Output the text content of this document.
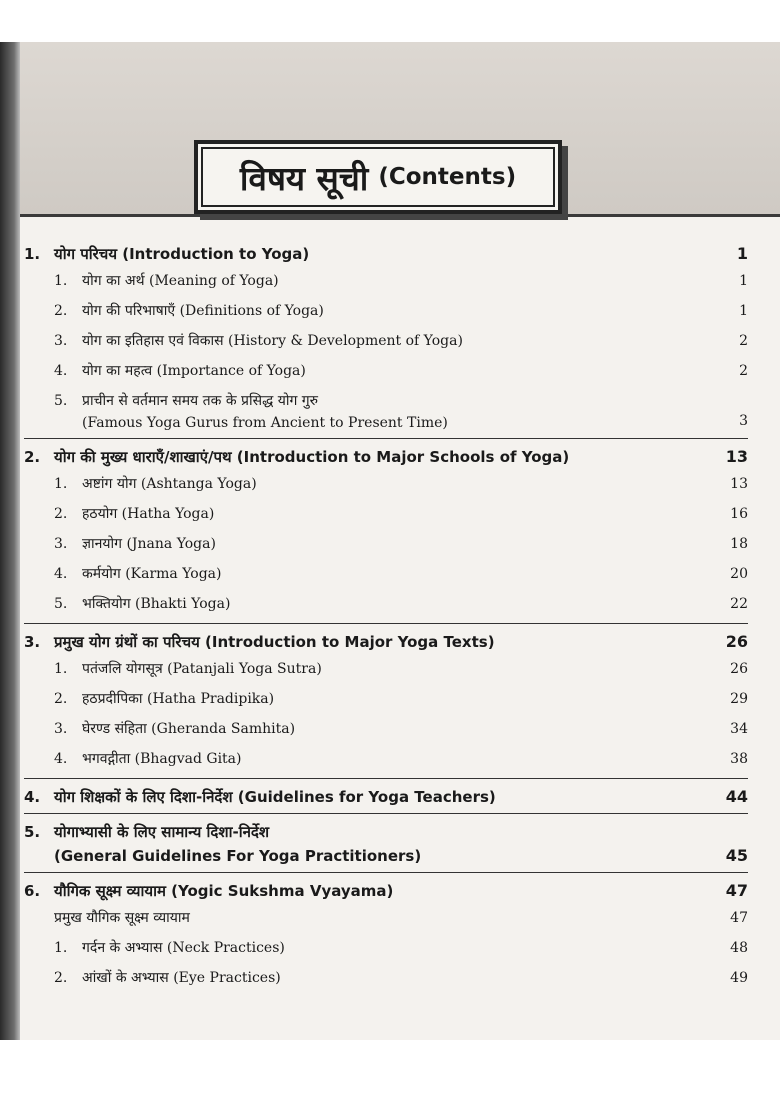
विषय सूची (Contents)
1. योग परिचय (Introduction to Yoga)	1
1.	योग का अर्थ (Meaning of Yoga)	1
2.	योग की परिभाषाएँ (Definitions of Yoga)	1
3.	योग का इतिहास एवं विकास (History & Development of Yoga)	2
4.	योग का महत्व (Importance of Yoga)	2
5.	प्राचीन से वर्तमान समय तक के प्रसिद्ध योग गुरु
(Famous Yoga Gurus from Ancient to Present Time)	3
2. योग की मुख्य धाराएँ/शाखाएं/पथ (Introduction to Major Schools of Yoga)	13
1.	अष्टांग योग (Ashtanga Yoga)	13
2.	हठयोग (Hatha Yoga)	16
3.	ज्ञानयोग (Jnana Yoga)	18
4.	कर्मयोग (Karma Yoga)	20
5.	भक्तियोग (Bhakti Yoga)	22
3. प्रमुख योग ग्रंथों का परिचय (Introduction to Major Yoga Texts)	26
1.	पतंजलि योगसूत्र (Patanjali Yoga Sutra)	26
2.	हठप्रदीपिका (Hatha Pradipika)	29
3.	घेरण्ड संहिता (Gheranda Samhita)	34
4.	भगवद्गीता (Bhagvad Gita)	38
4. योग शिक्षकों के लिए दिशा-निर्देश (Guidelines for Yoga Teachers)	44
5. योगाभ्यासी के लिए सामान्य दिशा-निर्देश
(General Guidelines For Yoga Practitioners)	45
6. यौगिक सूक्ष्म व्यायाम (Yogic Sukshma Vyayama)	47
प्रमुख यौगिक सूक्ष्म व्यायाम	47
1.	गर्दन के अभ्यास (Neck Practices)	48
2.	आंखों के अभ्यास (Eye Practices)	49
